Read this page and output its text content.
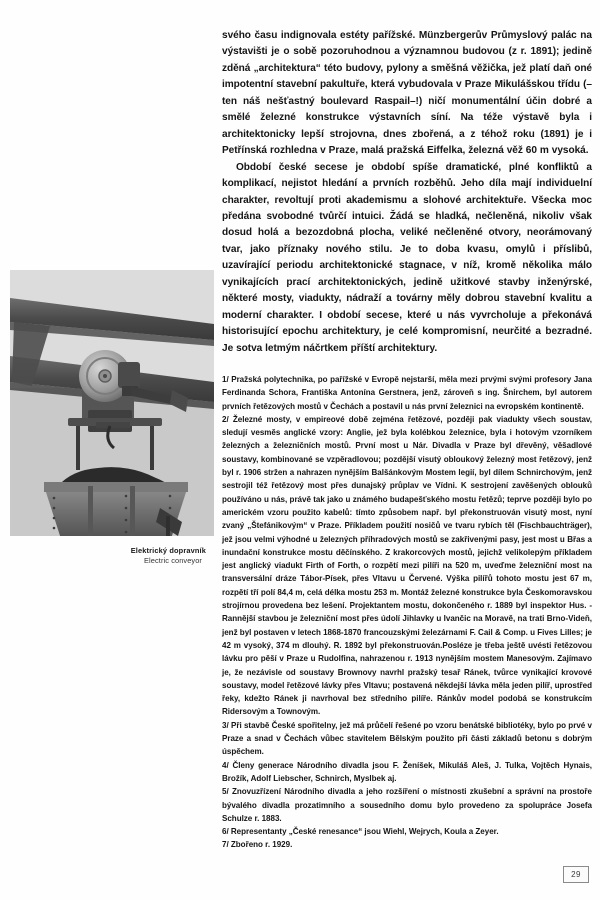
Elektrický dopravník
Electric conveyor

svého času indignovala estéty pařížské. Münzbergerův Průmyslový palác na výstavišti je o sobě pozoruhodnou a významnou budovou (z r. 1891); jedině zděná „architektura“ této budovy, pylony a směšná věžička, jež platí daň oné impotentní stavební pakultuře, která vybudovala v Praze Mikulášskou třídu (–ten náš nešťastný boulevard Raspail–!) ničí monumentální účin dobré a smělé železné konstrukce výstavních síní. Na téže výstavě byla i architektonicky lepší strojovna, dnes zbořená, a z téhož roku (1891) je i Petřínská rozhledna v Praze, malá pražská Eiffelka, železná věž 60 m vysoká.

Období české secese je období spíše dramatické, plné konfliktů a komplikací, nejistot hledání a prvních rozběhů. Jeho díla mají individuelní charakter, revoltují proti akademismu a slohové architektuře. Všecka moc předána svobodné tvůrčí intuici. Žádá se hladká, nečleněná, nikoliv však dosud holá a bezozdobná plocha, veliké nečleněné otvory, neorámovaný tvar, jako příznaky nového stilu. Je to doba kvasu, omylů i příslibů, uzavírající periodu architektonické stagnace, v níž, kromě několika málo vynikajících prací architektonických, jedině užitkové stavby inženýrské, některé mosty, viadukty, nádraží a továrny měly dobrou stavební kvalitu a moderní charakter. I období secese, které u nás vyvrcholuje a překonává historisující epochu architektury, je celé kompromisní, neurčité a bezradné. Je sotva letmým náčrtkem příští architektury.

1/ Pražská polytechnika, po pařížské v Evropě nejstarší, měla mezi prvými svými profesory Jana Ferdinanda Schora, Františka Antonína Gerstnera, jenž, zároveň s ing. Šnirchem, byl autorem prvních řetězových mostů v Čechách a postavil u nás první železnici na evropském kontinentě.

2/ Železné mosty, v empireové době zejména řetězové, později pak viadukty všech soustav, sledují vesměs anglické vzory: Anglie, jež byla kolébkou železnice, byla i hotovým vzorníkem železných a železničních mostů. První most u Nár. Divadla v Praze byl dřevěný, věšadlové soustavy, kombinované se vzpěradlovou; pozdější visutý obloukový železný most řetězový, jenž byl r. 1906 stržen a nahrazen nynějším Balšánkovým Mostem legií, byl dílem Schnirchovým, jenž sestrojil též řetězový most přes dunajský průplav ve Vídni. K sestrojení zavěšených oblouků používáno u nás, právě tak jako u známého budapešťského mostu řetězů; teprve později bylo po americkém vzoru použito kabelů: tímto způsobem např. byl překonstruován visutý most, nyní zvaný „Štefánikovým“ v Praze. Příkladem použití nosičů ve tvaru rybích těl (Fischbauchträger), jež jsou velmi výhodné u železných příhradových mostů se zakřivenými pasy, jest most u Břas a inundační konstrukce mostu děčínského. Z krakorcových mostů, jejichž velikolepým příkladem jest anglický viadukt Firth of Forth, o rozpětí mezi pilíři na 520 m, uveďme železniční most na transversální dráze Tábor-Písek, přes Vltavu u Červené. Výška pilířů tohoto mostu jest 67 m, rozpětí tří polí 84,4 m, celá délka mostu 253 m. Montáž železné konstrukce byla Českomoravskou strojírnou provedena bez lešení. Projektantem mostu, dokončeného r. 1889 byl inspektor Hus. - Rannější stavbou je železniční most přes údolí Jihlavky u Ivančic na Moravě, na trati Brno-Videň, jenž byl postaven v letech 1868-1870 francouzskými železárnami F. Cail & Comp. u Fives Lilles; je 42 m vysoký, 374 m dlouhý. R. 1892 byl překonstruován.Posléze je třeba ještě uvésti řetězovou lávku pro pěší v Praze u Rudolfina, nahrazenou r. 1913 nynějším mostem Manesovým. Zajímavo je, že nezávisle od soustavy Brownovy navrhl pražský tesař Ránek, tvůrce vynikající krovové soustavy, model řetězové lávky přes Vltavu; postavená někdejší lávka měla jeden pilíř, uprostřed řeky, kdežto Ránek ji navrhoval bez středního pilíře. Ránkův model podobá se konstrukcím Ridersovým a Townovým.

3/ Při stavbě České spořitelny, jež má průčelí řešené po vzoru benátské bibliotéky, bylo po prvé v Praze a snad v Čechách vůbec stavitelem Bělským použito při části základů betonu s dobrým úspěchem.

4/ Členy generace Národního divadla jsou F. Ženíšek, Mikuláš Aleš, J. Tulka, Vojtěch Hynais, Brožík, Adolf Liebscher, Schnirch, Myslbek aj.

5/ Znovuzřízení Národního divadla a jeho rozšíření o místnosti zkušební a správní na prostoře bývalého divadla prozatimního a sousedního domu bylo provedeno za spolupráce Josefa Schulze r. 1883.

6/ Representanty „České renesance“ jsou Wiehl, Wejrych, Koula a Zeyer.

7/ Zbořeno r. 1929.

29
